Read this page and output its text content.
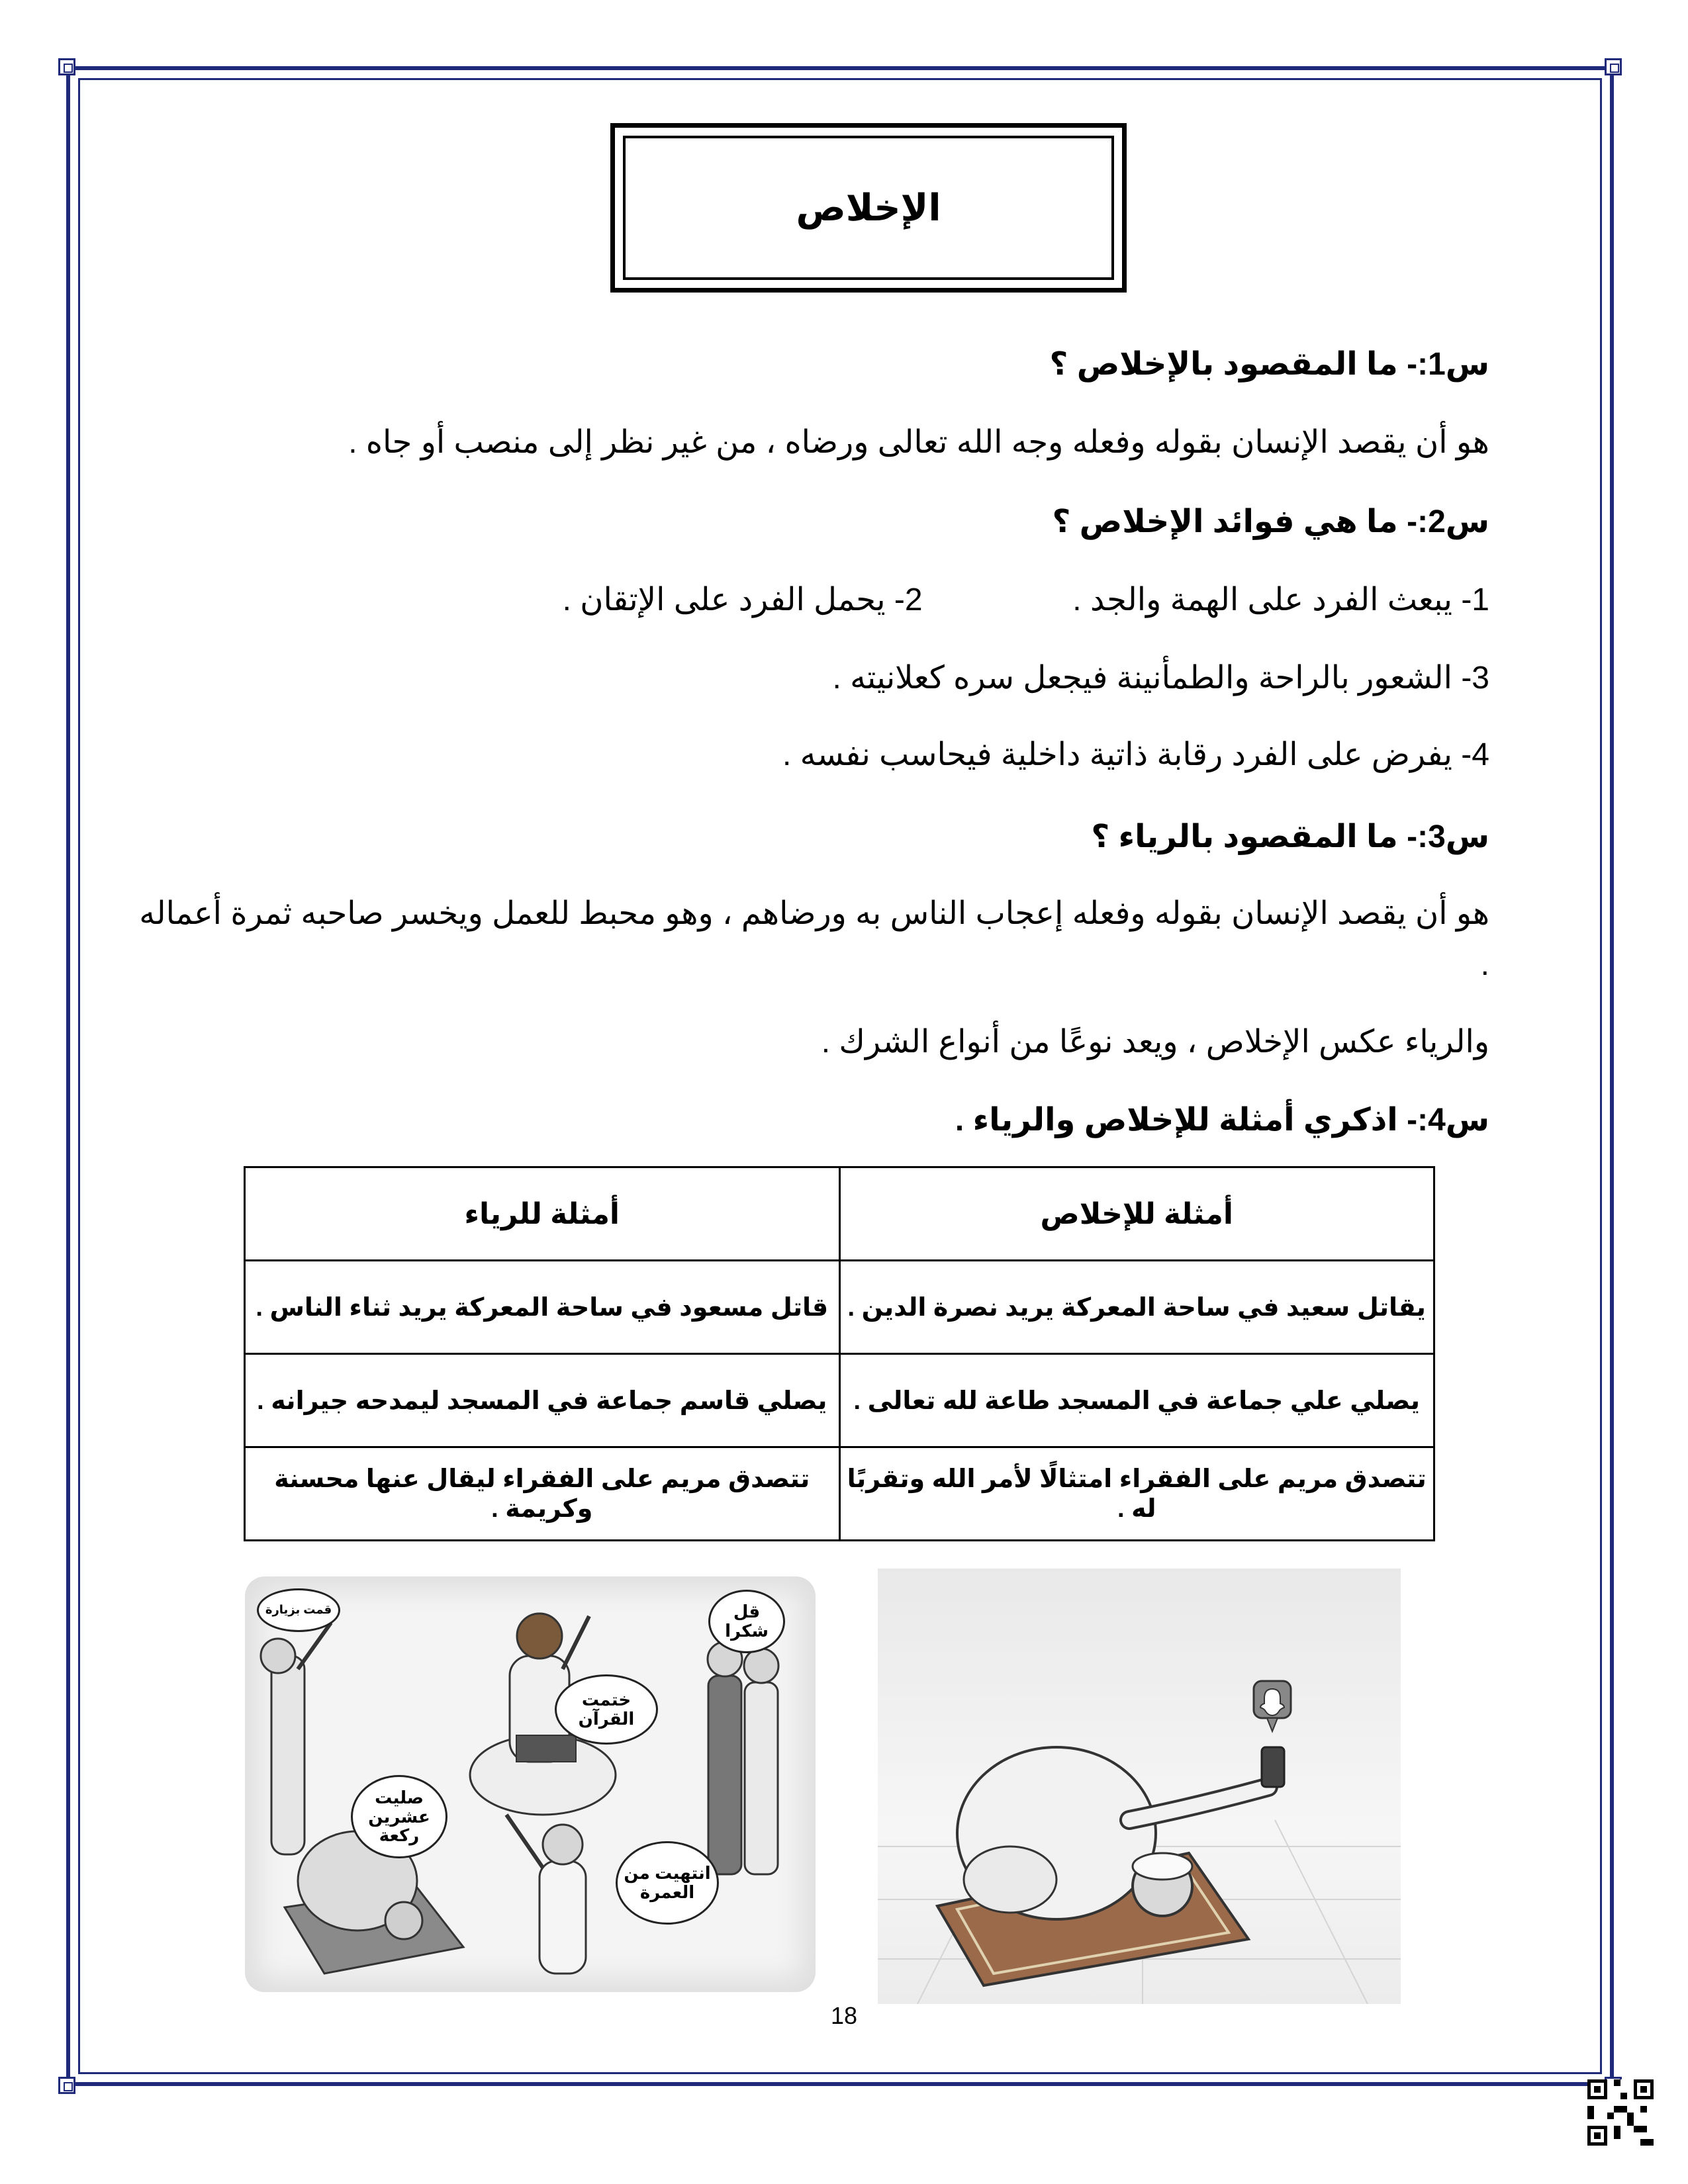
الإخلاص
س1:- ما المقصود بالإخلاص ؟
هو أن يقصد الإنسان بقوله وفعله وجه الله تعالى ورضاه ، من غير نظر إلى منصب أو جاه .
س2:- ما هي فوائد الإخلاص ؟
1- يبعث الفرد على الهمة والجد .  2- يحمل الفرد على الإتقان .
3- الشعور بالراحة والطمأنينة فيجعل سره كعلانيته .
4- يفرض على الفرد رقابة ذاتية داخلية فيحاسب نفسه .
س3:- ما المقصود بالرياء ؟
هو أن يقصد الإنسان بقوله وفعله إعجاب الناس به ورضاهم ، وهو محبط للعمل ويخسر صاحبه ثمرة أعماله
.
والرياء عكس الإخلاص ، ويعد نوعًا من أنواع الشرك .
س4:- اذكري أمثلة للإخلاص والرياء .
أمثلة للإخلاص	أمثلة للرياء
يقاتل سعيد في ساحة المعركة يريد نصرة الدين .	قاتل مسعود في ساحة المعركة يريد ثناء الناس .
يصلي علي جماعة في المسجد طاعة لله تعالى .	يصلي قاسم جماعة في المسجد ليمدحه جيرانه .
تتصدق مريم على الفقراء امتثالًا لأمر الله وتقربًا له .	تتصدق مريم على الفقراء ليقال عنها محسنة وكريمة .
قمت بزيارة
ختمت القرآن
صليت عشرين ركعة
قل شكرا
انتهيت من العمرة
18
